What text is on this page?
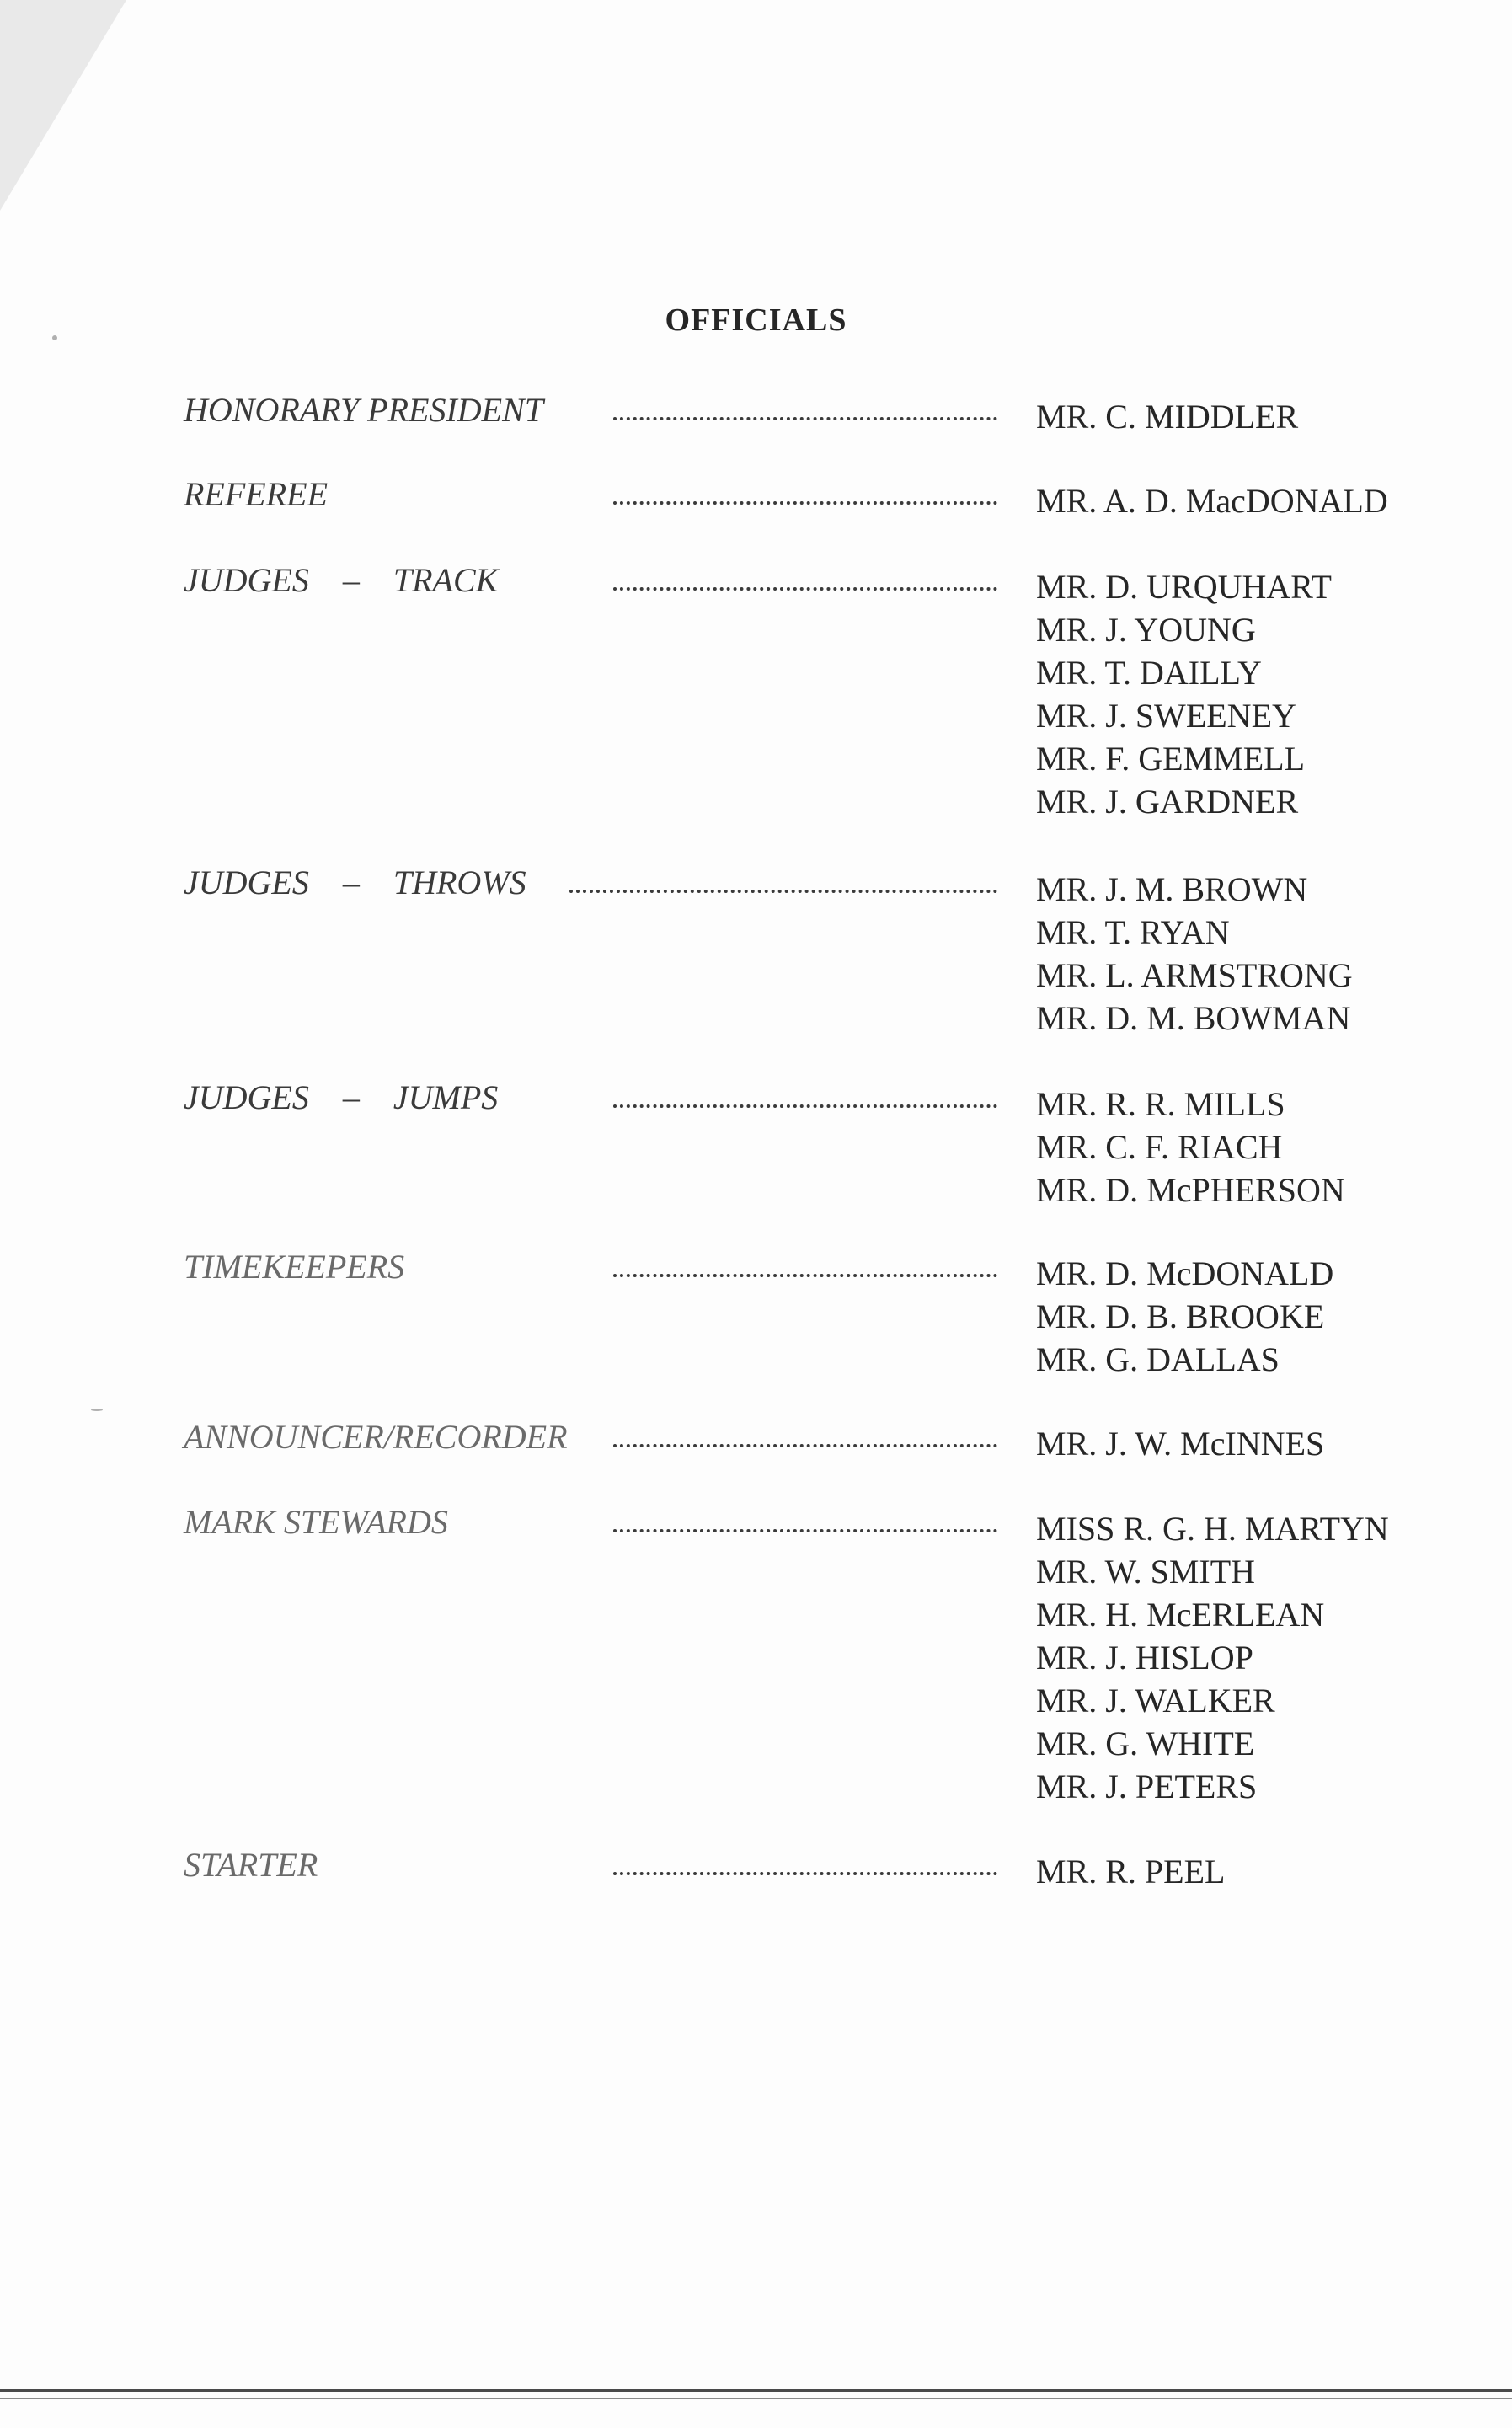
OFFICIALS
HONORARY PRESIDENT	MR. C. MIDDLER
REFEREE	MR. A. D. MacDONALD
JUDGES – TRACK	MR. D. URQUHART
MR. J. YOUNG
MR. T. DAILLY
MR. J. SWEENEY
MR. F. GEMMELL
MR. J. GARDNER
JUDGES – THROWS	MR. J. M. BROWN
MR. T. RYAN
MR. L. ARMSTRONG
MR. D. M. BOWMAN
JUDGES – JUMPS	MR. R. R. MILLS
MR. C. F. RIACH
MR. D. McPHERSON
TIMEKEEPERS	MR. D. McDONALD
MR. D. B. BROOKE
MR. G. DALLAS
ANNOUNCER/RECORDER	MR. J. W. McINNES
MARK STEWARDS	MISS R. G. H. MARTYN
MR. W. SMITH
MR. H. McERLEAN
MR. J. HISLOP
MR. J. WALKER
MR. G. WHITE
MR. J. PETERS
STARTER	MR. R. PEEL
